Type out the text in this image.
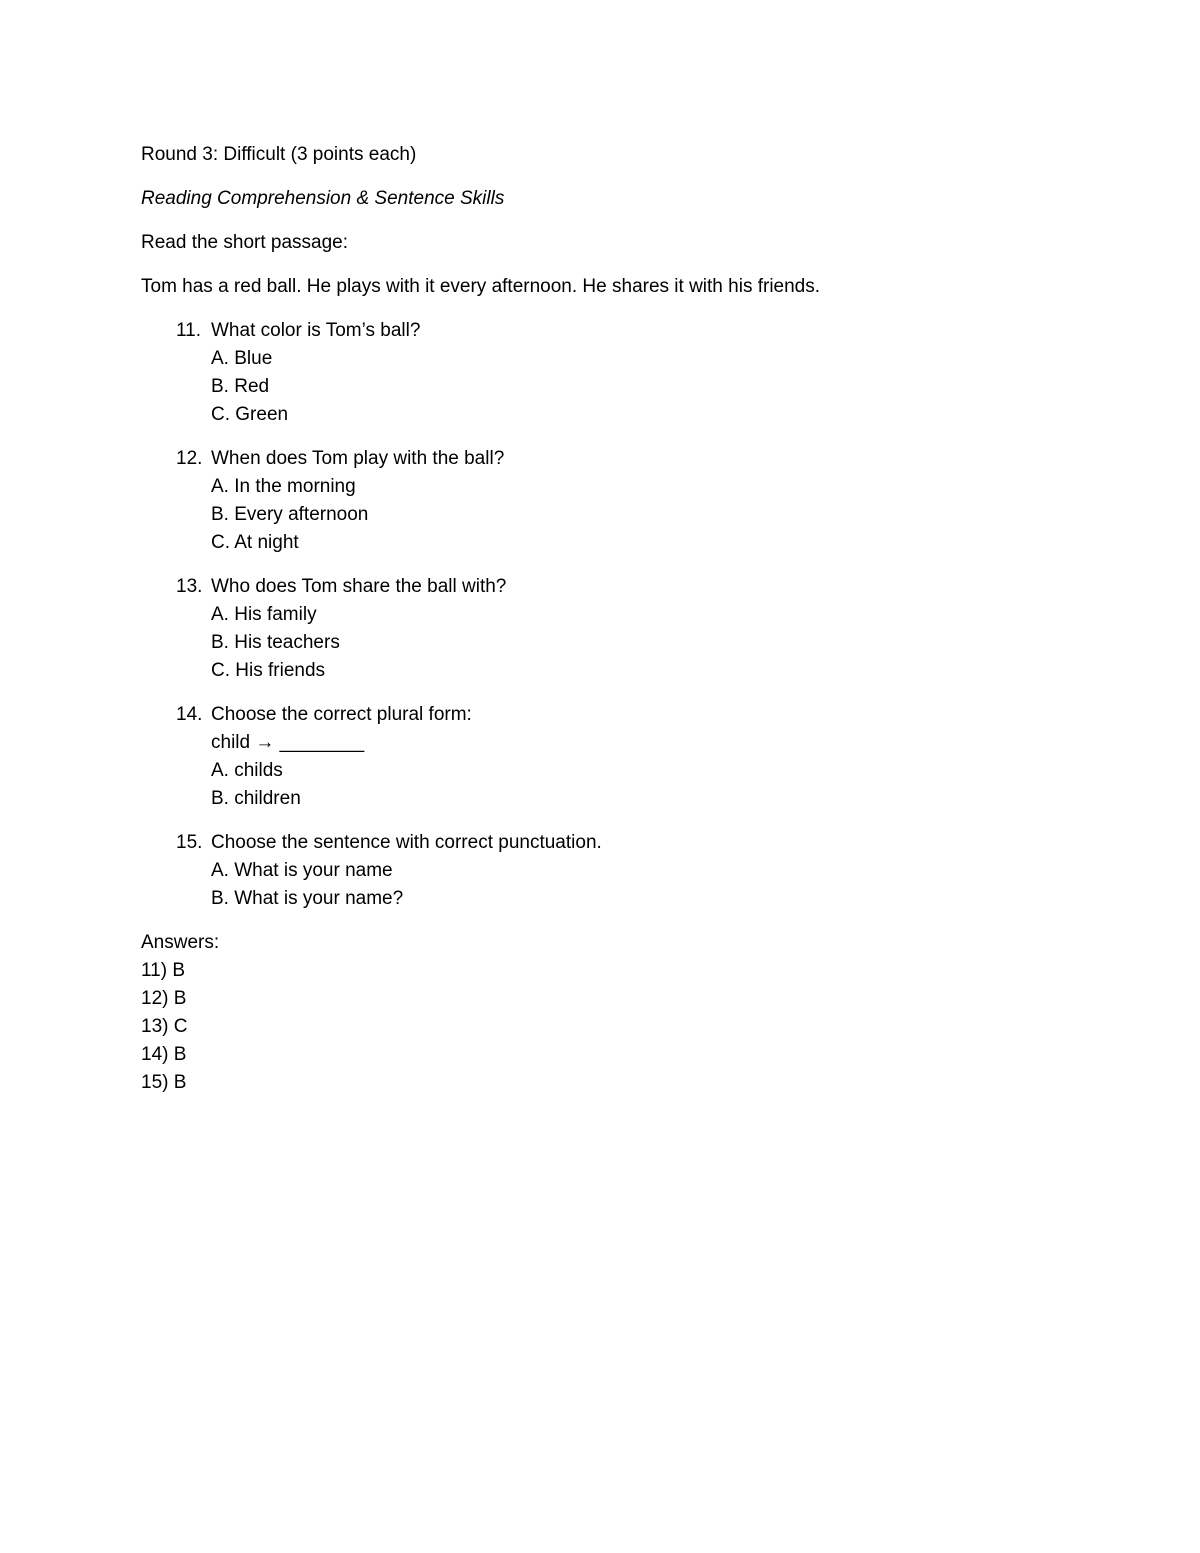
Round 3: Difficult (3 points each)

Reading Comprehension & Sentence Skills

Read the short passage:

Tom has a red ball. He plays with it every afternoon. He shares it with his friends.

11. What color is Tom’s ball?
A. Blue
B. Red
C. Green
12. When does Tom play with the ball?
A. In the morning
B. Every afternoon
C. At night
13. Who does Tom share the ball with?
A. His family
B. His teachers
C. His friends
14. Choose the correct plural form:
child → ________
A. childs
B. children
15. Choose the sentence with correct punctuation.
A. What is your name
B. What is your name?
Answers:
11) B
12) B
13) C
14) B
15) B
